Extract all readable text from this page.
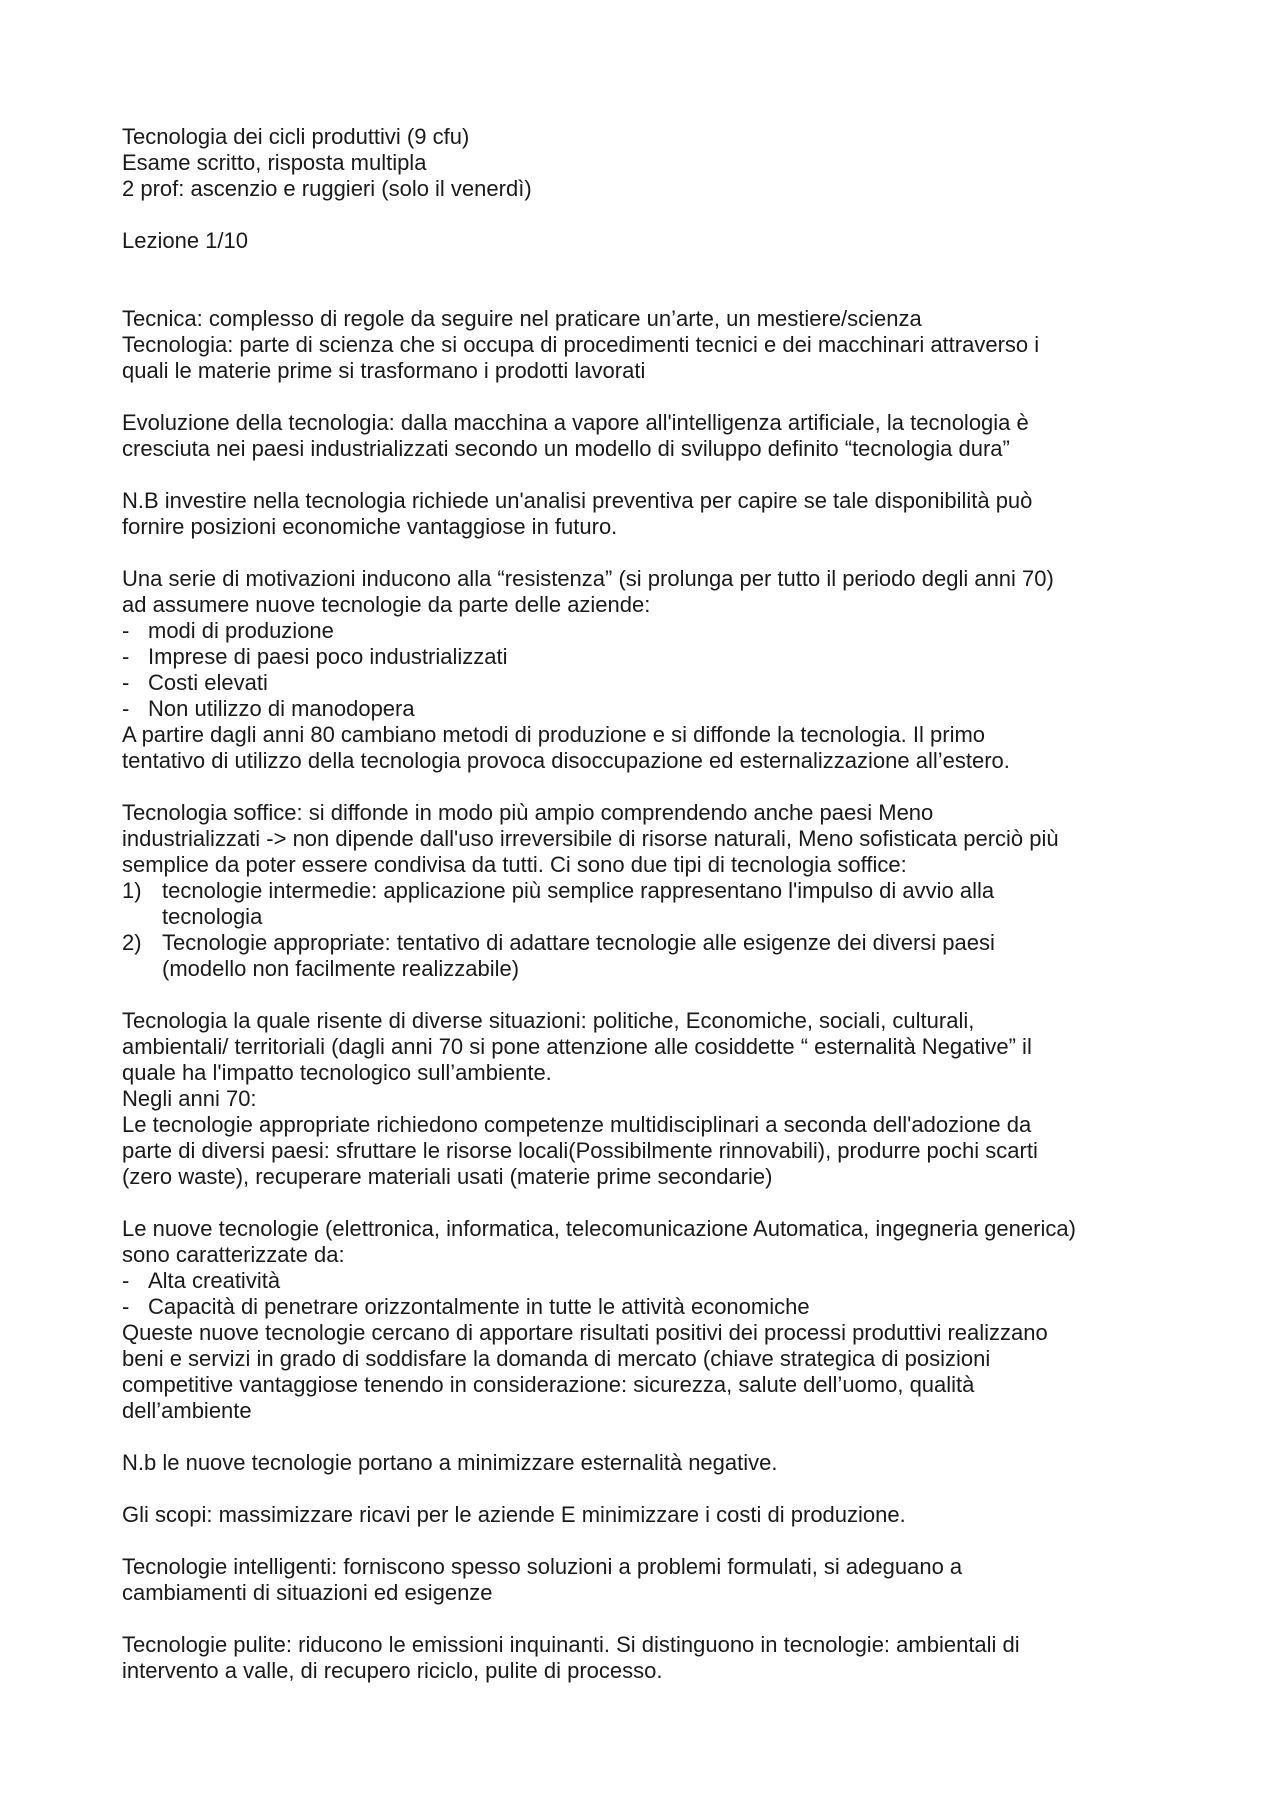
Tecnologia dei cicli produttivi (9 cfu)

Esame scritto, risposta multipla

2 prof: ascenzio e ruggieri (solo il venerdì)

Lezione 1/10

Tecnica: complesso di regole da seguire nel praticare un’arte, un mestiere/scienza

Tecnologia: parte di scienza che si occupa di procedimenti tecnici e dei macchinari attraverso i

quali le materie prime si trasformano i prodotti lavorati

Evoluzione della tecnologia: dalla macchina a vapore all'intelligenza artificiale, la tecnologia è

cresciuta nei paesi industrializzati secondo un modello di sviluppo definito “tecnologia dura”

N.B investire nella tecnologia richiede un'analisi preventiva per capire se tale disponibilità può

fornire posizioni economiche vantaggiose in futuro.

Una serie di motivazioni inducono alla “resistenza” (si prolunga per tutto il periodo degli anni 70)

ad assumere nuove tecnologie da parte delle aziende:

- modi di produzione
- Imprese di paesi poco industrializzati
- Costi elevati
- Non utilizzo di manodopera

A partire dagli anni 80 cambiano metodi di produzione e si diffonde la tecnologia. Il primo

tentativo di utilizzo della tecnologia provoca disoccupazione ed esternalizzazione all’estero.

Tecnologia soffice: si diffonde in modo più ampio comprendendo anche paesi Meno

industrializzati -> non dipende dall'uso irreversibile di risorse naturali, Meno sofisticata perciò più

semplice da poter essere condivisa da tutti. Ci sono due tipi di tecnologia soffice:

1) tecnologie intermedie: applicazione più semplice rappresentano l'impulso di avvio alla
tecnologia
2) Tecnologie appropriate: tentativo di adattare tecnologie alle esigenze dei diversi paesi
(modello non facilmente realizzabile)

Tecnologia la quale risente di diverse situazioni: politiche, Economiche, sociali, culturali,

ambientali/ territoriali (dagli anni 70 si pone attenzione alle cosiddette “ esternalità Negative” il

quale ha l'impatto tecnologico sull’ambiente.

Negli anni 70:

Le tecnologie appropriate richiedono competenze multidisciplinari a seconda dell'adozione da

parte di diversi paesi: sfruttare le risorse locali(Possibilmente rinnovabili), produrre pochi scarti

(zero waste), recuperare materiali usati (materie prime secondarie)

Le nuove tecnologie (elettronica, informatica, telecomunicazione Automatica, ingegneria generica)

sono caratterizzate da:

- Alta creatività
- Capacità di penetrare orizzontalmente in tutte le attività economiche

Queste nuove tecnologie cercano di apportare risultati positivi dei processi produttivi realizzano

beni e servizi in grado di soddisfare la domanda di mercato (chiave strategica di posizioni

competitive vantaggiose tenendo in considerazione: sicurezza, salute dell’uomo, qualità

dell’ambiente

N.b le nuove tecnologie portano a minimizzare esternalità negative.

Gli scopi: massimizzare ricavi per le aziende E minimizzare i costi di produzione.

Tecnologie intelligenti: forniscono spesso soluzioni a problemi formulati, si adeguano a

cambiamenti di situazioni ed esigenze

Tecnologie pulite: riducono le emissioni inquinanti. Si distinguono in tecnologie: ambientali di

intervento a valle, di recupero riciclo, pulite di processo.
